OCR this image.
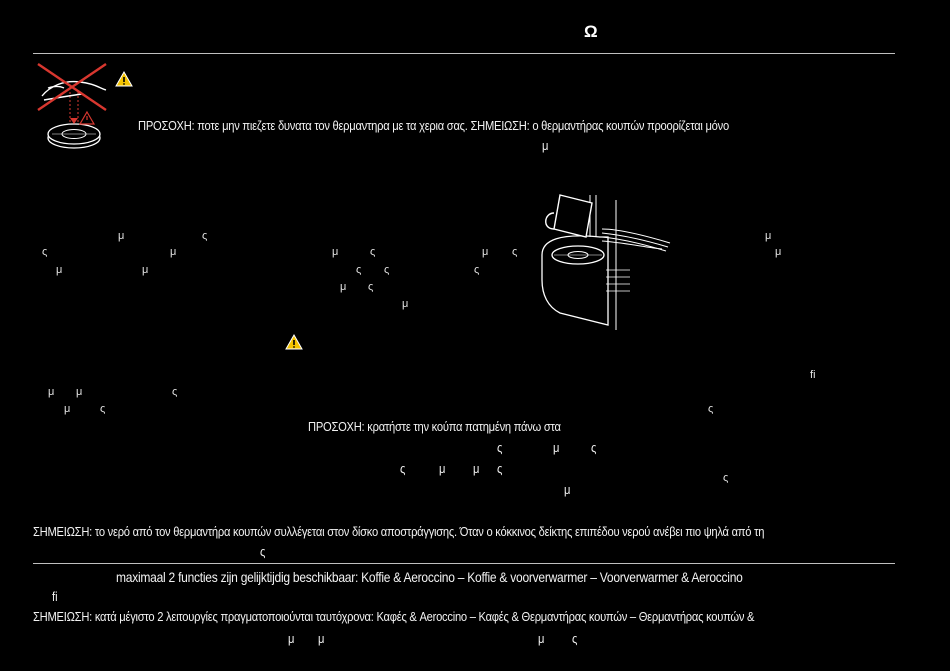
Ω
ΠΡΟΣΟΧΗ: ποτε μην πιεζετε δυνατα τον θερμαντηρα με τα χερια σας. ΣΗΜΕΙΩΣΗ: ο θερμαντήρας κουπών προορίζεται μόνο
μ
μ	ς
ς	μ	μ	ς	μ ς
μ	μ	ς ς	ς
μ ς
μ
μ
μ
ﬁ
μ μ	ς
μ	ς	ς
ΠΡΟΣΟΧΗ: κρατήστε την κούπα πατημένη πάνω στα
ς	μ ς
ς	μ μ ς
ς
μ
ΣΗΜΕΙΩΣΗ: το νερό από τον θερμαντήρα κουπών συλλέγεται στον δίσκο αποστράγγισης. Όταν ο κόκκινος δείκτης επιπέδου νερού ανέβει πιο ψηλά από τη
ς
maximaal 2 functies zijn gelijktijdig beschikbaar: Koffie & Aeroccino – Koffie & voorverwarmer – Voorverwarmer & Aeroccino
ﬁ
ΣΗΜΕΙΩΣΗ: κατά μέγιστο 2 λειτουργίες πραγματοποιούνται ταυτόχρονα: Καφές & Aeroccino – Καφές & Θερμαντήρας κουπών – Θερμαντήρας κουπών &
μ μ	μ ς
